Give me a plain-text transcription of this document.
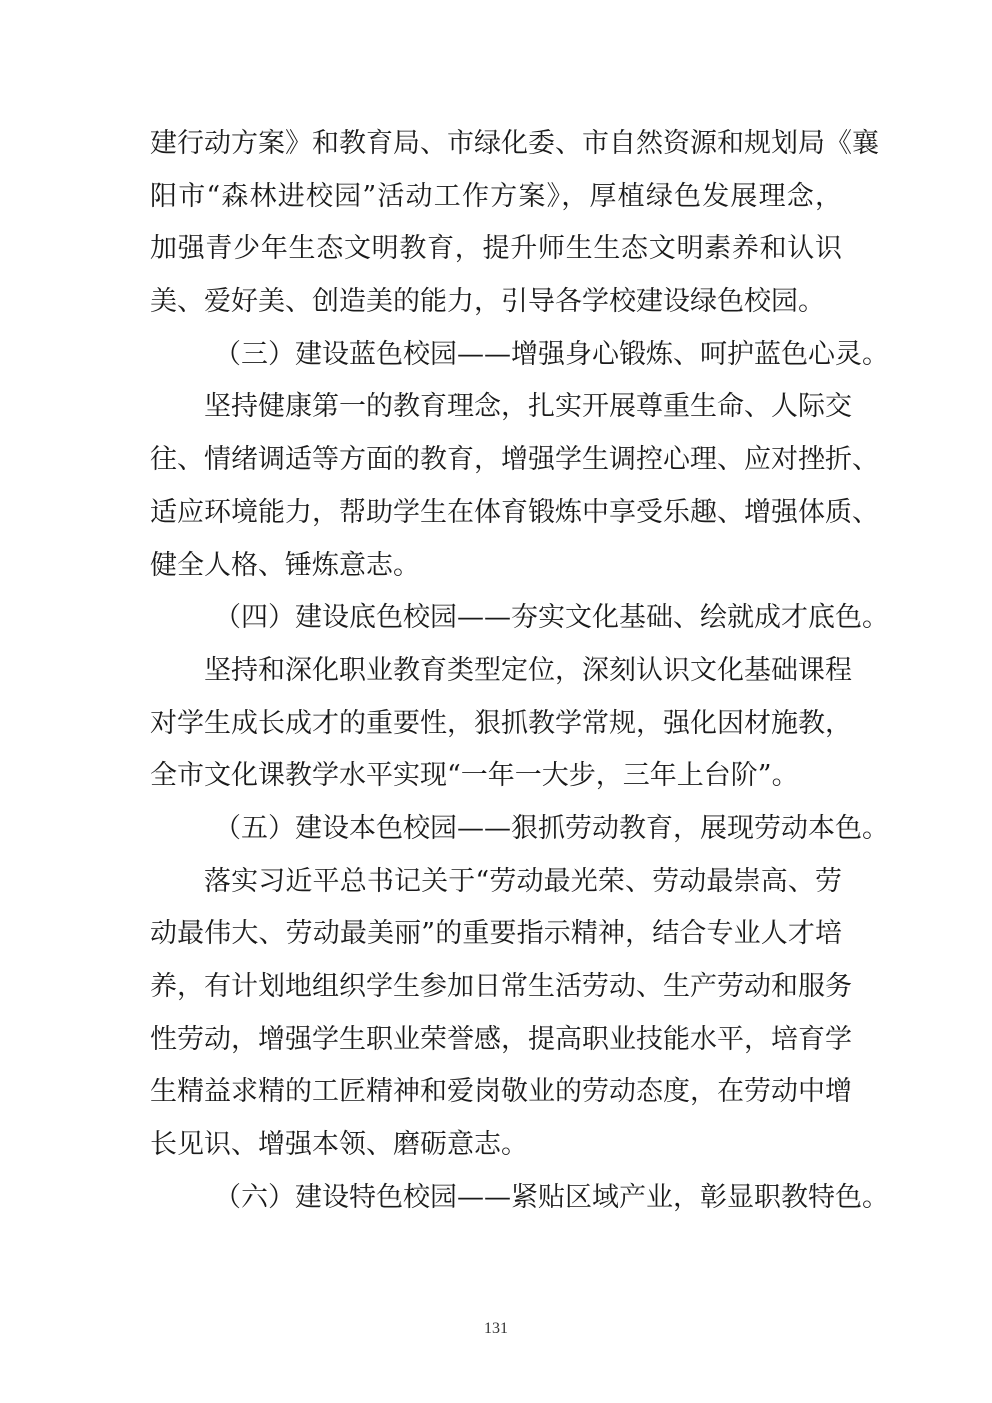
建行动方案》和教育局、市绿化委、市自然资源和规划局《襄
阳市“森林进校园”活动工作方案》，厚植绿色发展理念，
加强青少年生态文明教育，提升师生生态文明素养和认识
美、爱好美、创造美的能力，引导各学校建设绿色校园。
（三）建设蓝色校园——增强身心锻炼、呵护蓝色心灵。
坚持健康第一的教育理念，扎实开展尊重生命、人际交
往、情绪调适等方面的教育，增强学生调控心理、应对挫折、
适应环境能力，帮助学生在体育锻炼中享受乐趣、增强体质、
健全人格、锤炼意志。
（四）建设底色校园——夯实文化基础、绘就成才底色。
坚持和深化职业教育类型定位，深刻认识文化基础课程
对学生成长成才的重要性，狠抓教学常规，强化因材施教，
全市文化课教学水平实现“一年一大步，三年上台阶”。
（五）建设本色校园——狠抓劳动教育，展现劳动本色。
落实习近平总书记关于“劳动最光荣、劳动最崇高、劳
动最伟大、劳动最美丽”的重要指示精神，结合专业人才培
养，有计划地组织学生参加日常生活劳动、生产劳动和服务
性劳动，增强学生职业荣誉感，提高职业技能水平，培育学
生精益求精的工匠精神和爱岗敬业的劳动态度，在劳动中增
长见识、增强本领、磨砺意志。
（六）建设特色校园——紧贴区域产业，彰显职教特色。
131
